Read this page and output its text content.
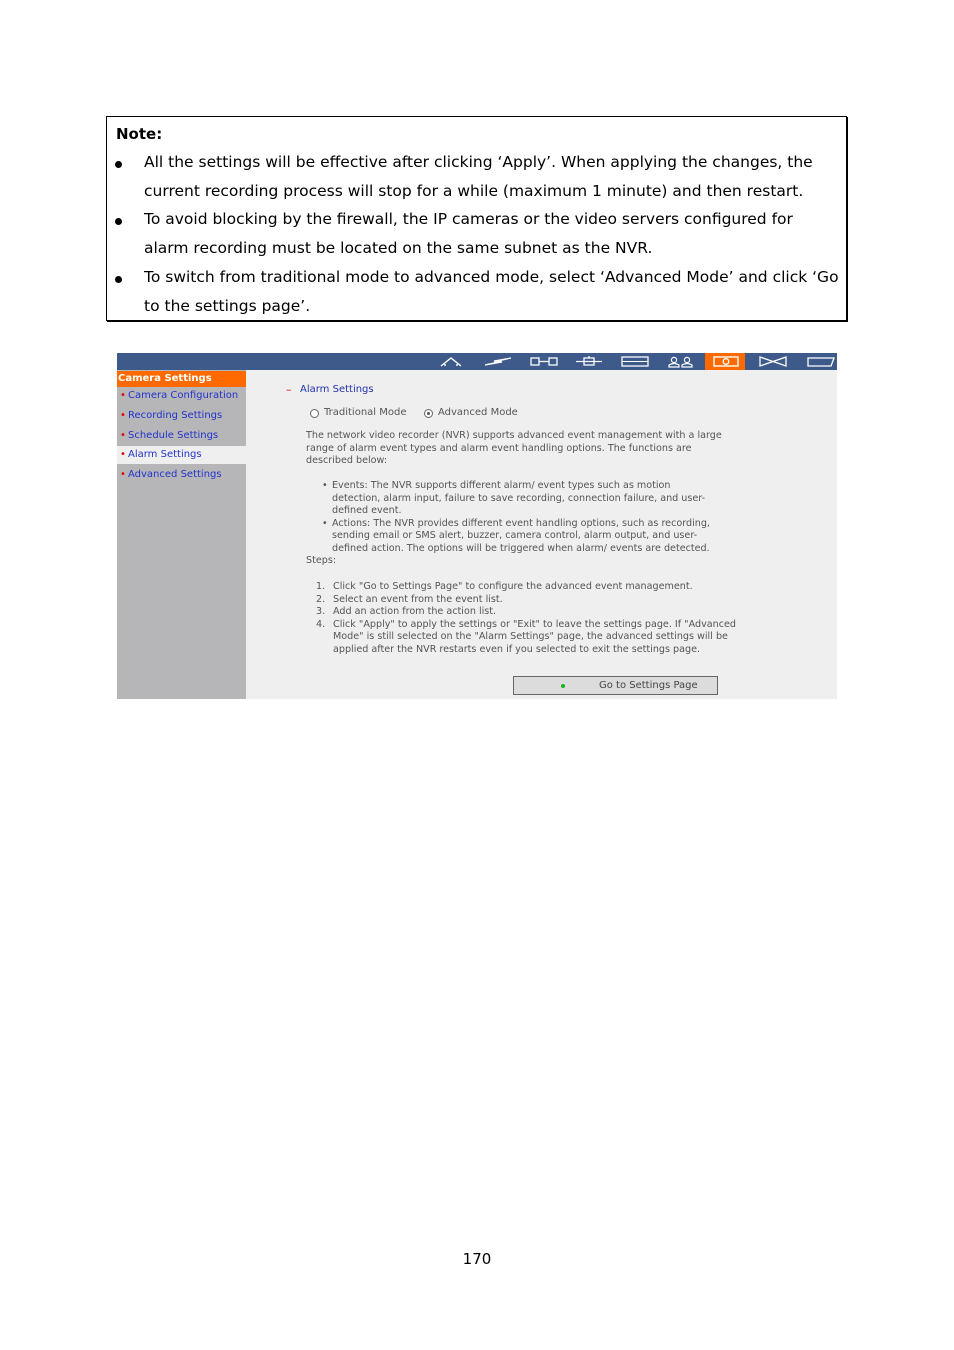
Note:
All the settings will be effective after clicking ‘Apply’. When applying the changes, the current recording process will stop for a while (maximum 1 minute) and then restart.
To avoid blocking by the firewall, the IP cameras or the video servers configured for alarm recording must be located on the same subnet as the NVR.
To switch from traditional mode to advanced mode, select ‘Advanced Mode’ and click ‘Go to the settings page’.
Camera Settings
• Camera Configuration
• Recording Settings
• Schedule Settings
• Alarm Settings
• Advanced Settings
– Alarm Settings
Traditional Mode	Advanced Mode
The network video recorder (NVR) supports advanced event management with a large range of alarm event types and alarm event handling options. The functions are described below:
• Events: The NVR supports different alarm/ event types such as motion detection, alarm input, failure to save recording, connection failure, and user-defined event.
• Actions: The NVR provides different event handling options, such as recording, sending email or SMS alert, buzzer, camera control, alarm output, and user-defined action. The options will be triggered when alarm/ events are detected.
Steps:
1. Click "Go to Settings Page" to configure the advanced event management.
2. Select an event from the event list.
3. Add an action from the action list.
4. Click "Apply" to apply the settings or "Exit" to leave the settings page. If "Advanced Mode" is still selected on the "Alarm Settings" page, the advanced settings will be applied after the NVR restarts even if you selected to exit the settings page.
Go to Settings Page
170
